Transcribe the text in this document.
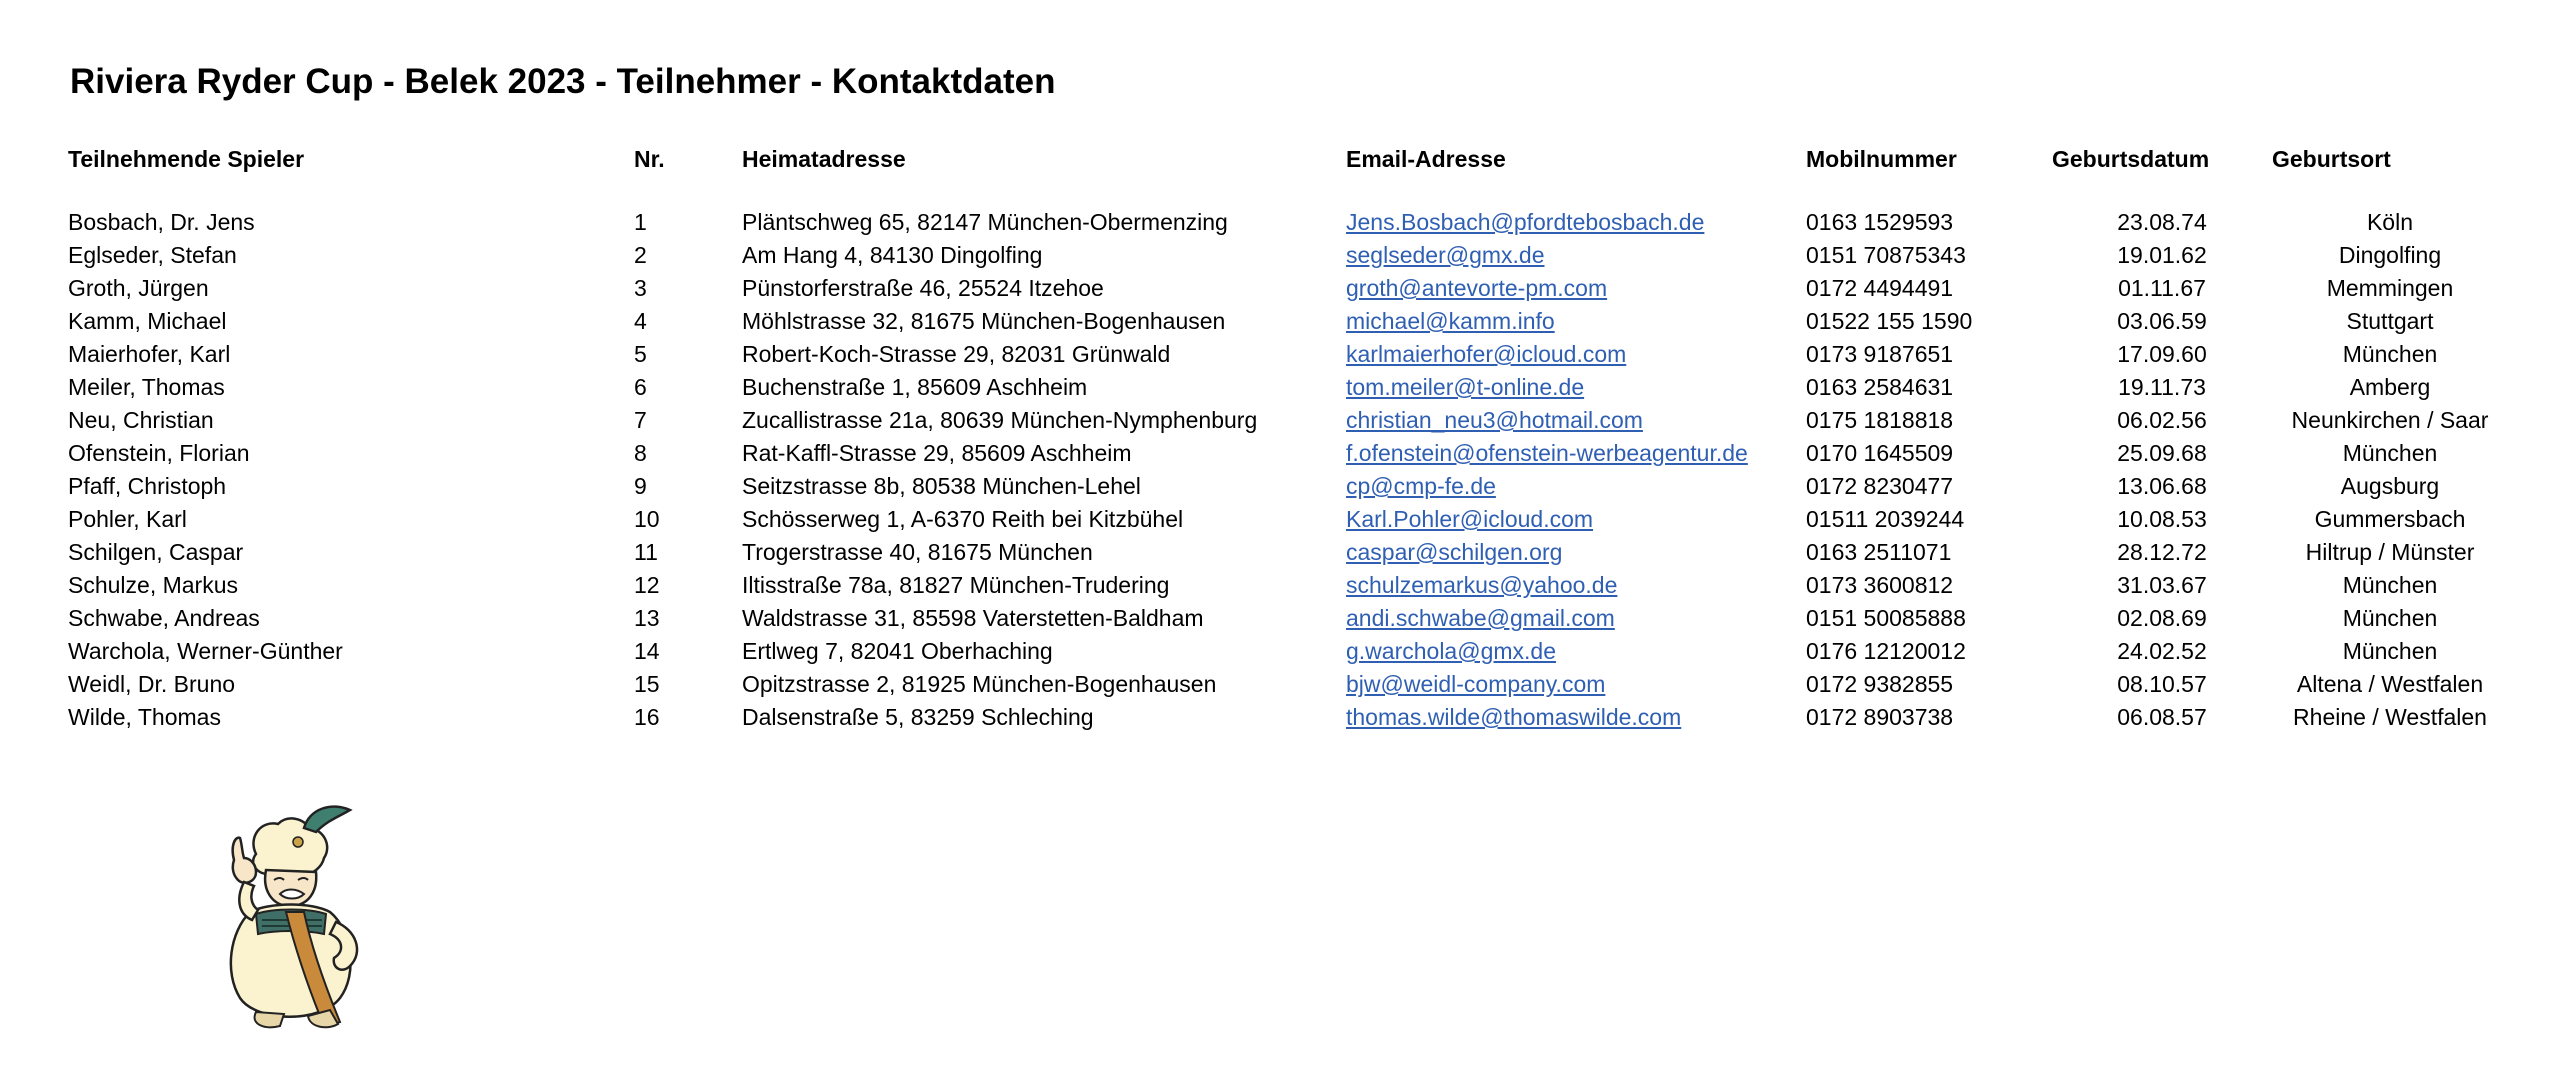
Riviera Ryder Cup - Belek 2023 - Teilnehmer - Kontaktdaten
Teilnehmende Spieler	Nr.	Heimatadresse	Email-Adresse	Mobilnummer	Geburtsdatum	Geburtsort

Bosbach, Dr. Jens	1	Pläntschweg 65, 82147 München-Obermenzing	Jens.Bosbach@pfordtebosbach.de	0163 1529593	23.08.74	Köln
Eglseder, Stefan	2	Am Hang 4, 84130 Dingolfing	seglseder@gmx.de	0151 70875343	19.01.62	Dingolfing
Groth, Jürgen	3	Pünstorferstraße 46, 25524 Itzehoe	groth@antevorte-pm.com	0172 4494491	01.11.67	Memmingen
Kamm, Michael	4	Möhlstrasse 32, 81675 München-Bogenhausen	michael@kamm.info	01522 155 1590	03.06.59	Stuttgart
Maierhofer, Karl	5	Robert-Koch-Strasse 29, 82031 Grünwald	karlmaierhofer@icloud.com	0173 9187651	17.09.60	München
Meiler, Thomas	6	Buchenstraße 1, 85609 Aschheim	tom.meiler@t-online.de	0163 2584631	19.11.73	Amberg
Neu, Christian	7	Zucallistrasse 21a, 80639 München-Nymphenburg	christian_neu3@hotmail.com	0175 1818818	06.02.56	Neunkirchen / Saar
Ofenstein, Florian	8	Rat-Kaffl-Strasse 29, 85609 Aschheim	f.ofenstein@ofenstein-werbeagentur.de	0170 1645509	25.09.68	München
Pfaff, Christoph	9	Seitzstrasse 8b, 80538 München-Lehel	cp@cmp-fe.de	0172 8230477	13.06.68	Augsburg
Pohler, Karl	10	Schösserweg 1, A-6370 Reith bei Kitzbühel	Karl.Pohler@icloud.com	01511 2039244	10.08.53	Gummersbach
Schilgen, Caspar	11	Trogerstrasse 40, 81675 München	caspar@schilgen.org	0163 2511071	28.12.72	Hiltrup / Münster
Schulze, Markus	12	Iltisstraße 78a, 81827 München-Trudering	schulzemarkus@yahoo.de	0173 3600812	31.03.67	München
Schwabe, Andreas	13	Waldstrasse 31, 85598 Vaterstetten-Baldham	andi.schwabe@gmail.com	0151 50085888	02.08.69	München
Warchola, Werner-Günther	14	Ertlweg 7, 82041 Oberhaching	g.warchola@gmx.de	0176 12120012	24.02.52	München
Weidl, Dr. Bruno	15	Opitzstrasse 2, 81925 München-Bogenhausen	bjw@weidl-company.com	0172 9382855	08.10.57	Altena / Westfalen
Wilde, Thomas	16	Dalsenstraße 5, 83259 Schleching	thomas.wilde@thomaswilde.com	0172 8903738	06.08.57	Rheine / Westfalen
